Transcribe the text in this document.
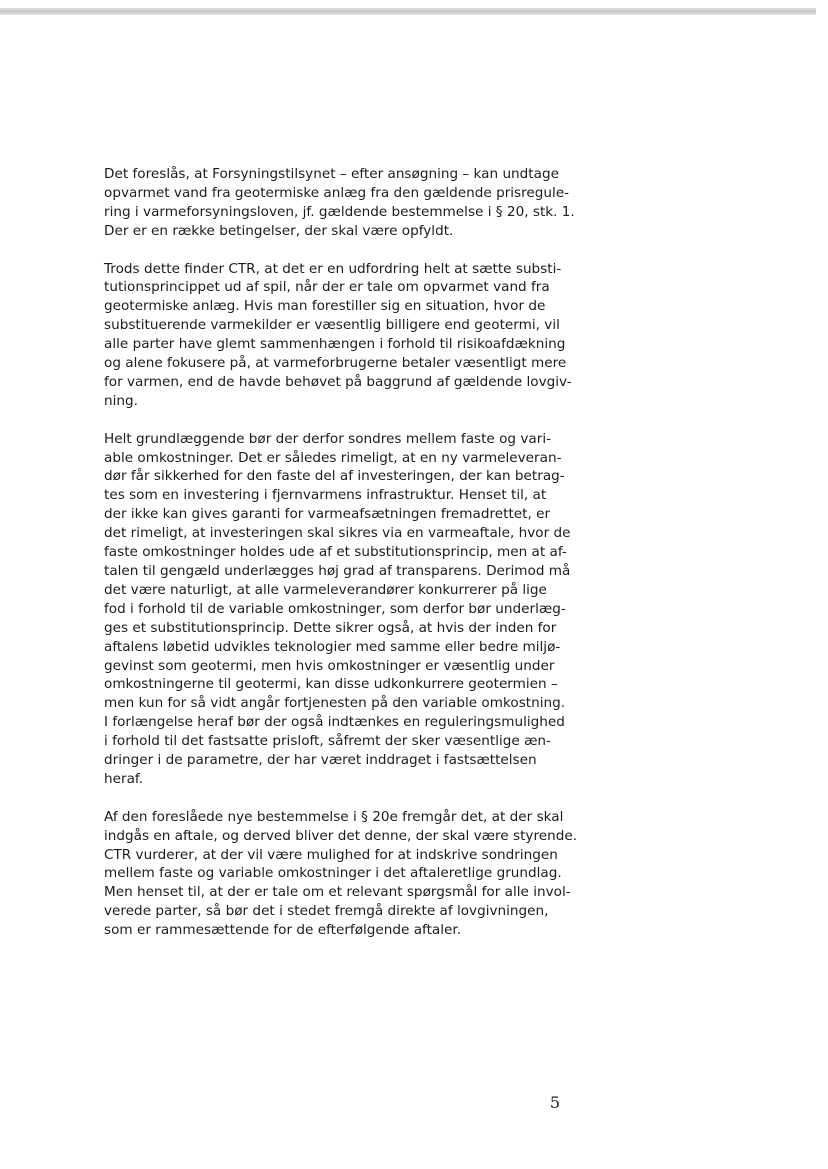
Det foreslås, at Forsyningstilsynet – efter ansøgning – kan undtage
opvarmet vand fra geotermiske anlæg fra den gældende prisregule-
ring i varmeforsyningsloven, jf. gældende bestemmelse i § 20, stk. 1.
Der er en række betingelser, der skal være opfyldt.

Trods dette finder CTR, at det er en udfordring helt at sætte substi-
tutionsprincippet ud af spil, når der er tale om opvarmet vand fra
geotermiske anlæg. Hvis man forestiller sig en situation, hvor de
substituerende varmekilder er væsentlig billigere end geotermi, vil
alle parter have glemt sammenhængen i forhold til risikoafdækning
og alene fokusere på, at varmeforbrugerne betaler væsentligt mere
for varmen, end de havde behøvet på baggrund af gældende lovgiv-
ning.

Helt grundlæggende bør der derfor sondres mellem faste og vari-
able omkostninger. Det er således rimeligt, at en ny varmeleveran-
dør får sikkerhed for den faste del af investeringen, der kan betrag-
tes som en investering i fjernvarmens infrastruktur. Henset til, at
der ikke kan gives garanti for varmeafsætningen fremadrettet, er
det rimeligt, at investeringen skal sikres via en varmeaftale, hvor de
faste omkostninger holdes ude af et substitutionsprincip, men at af-
talen til gengæld underlægges høj grad af transparens. Derimod må
det være naturligt, at alle varmeleverandører konkurrerer på lige
fod i forhold til de variable omkostninger, som derfor bør underlæg-
ges et substitutionsprincip. Dette sikrer også, at hvis der inden for
aftalens løbetid udvikles teknologier med samme eller bedre miljø-
gevinst som geotermi, men hvis omkostninger er væsentlig under
omkostningerne til geotermi, kan disse udkonkurrere geotermien –
men kun for så vidt angår fortjenesten på den variable omkostning.
I forlængelse heraf bør der også indtænkes en reguleringsmulighed
i forhold til det fastsatte prisloft, såfremt der sker væsentlige æn-
dringer i de parametre, der har været inddraget i fastsættelsen
heraf.

Af den foreslåede nye bestemmelse i § 20e fremgår det, at der skal
indgås en aftale, og derved bliver det denne, der skal være styrende.
CTR vurderer, at der vil være mulighed for at indskrive sondringen
mellem faste og variable omkostninger i det aftaleretlige grundlag.
Men henset til, at der er tale om et relevant spørgsmål for alle invol-
verede parter, så bør det i stedet fremgå direkte af lovgivningen,
som er rammesættende for de efterfølgende aftaler.

5
